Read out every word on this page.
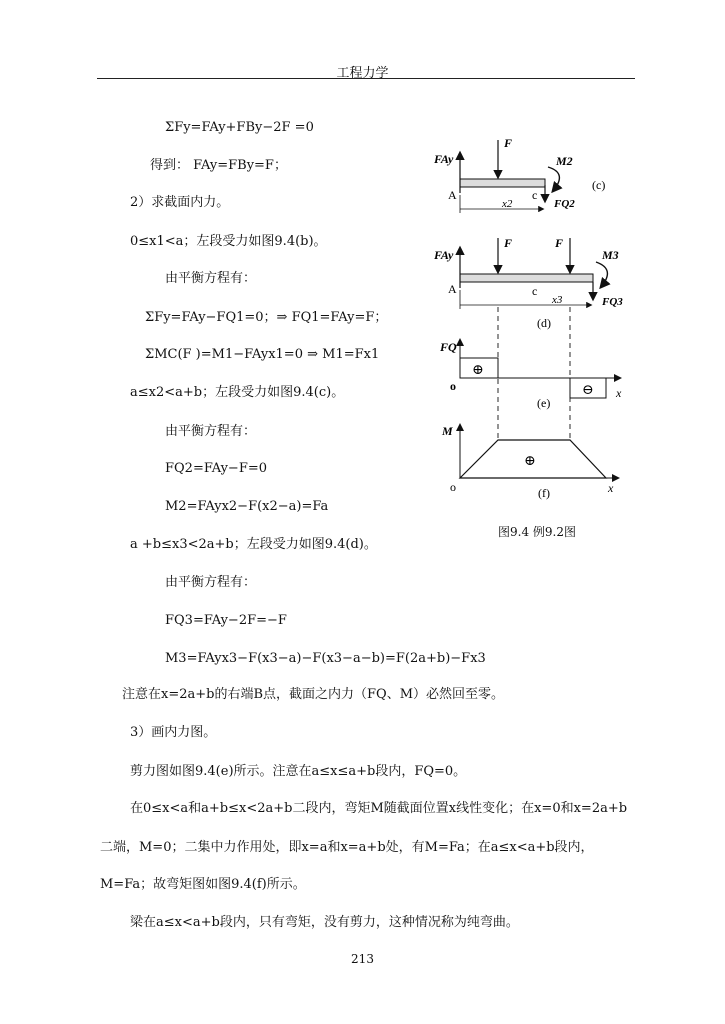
工程力学
ΣFy=FAy+FBy−2F =0
得到： FAy=FBy=F；
2）求截面内力。
0≤x1<a；左段受力如图9.4(b)。
由平衡方程有：
ΣFy=FAy−FQ1=0；⇒ FQ1=FAy=F；
ΣMC(F )=M1−FAyx1=0 ⇒ M1=Fx1
a≤x2<a+b；左段受力如图9.4(c)。
由平衡方程有：
FQ2=FAy−F=0
M2=FAyx2−F(x2−a)=Fa
a +b≤x3<2a+b；左段受力如图9.4(d)。
由平衡方程有：
FQ3=FAy−2F=−F
M3=FAyx3−F(x3−a)−F(x3−a−b)=F(2a+b)−Fx3
注意在x=2a+b的右端B点，截面之内力（FQ、M）必然回至零。
3）画内力图。
剪力图如图9.4(e)所示。注意在a≤x≤a+b段内，FQ=0。
在0≤x<a和a+b≤x<2a+b二段内，弯矩M随截面位置x线性变化；在x=0和x=2a+b
二端，M=0；二集中力作用处，即x=a和x=a+b处，有M=Fa；在a≤x<a+b段内，
M=Fa；故弯矩图如图9.4(f)所示。
梁在a≤x<a+b段内，只有弯矩，没有剪力，这种情况称为纯弯曲。
F
FAy	M2
A	c
FQ2
x2
(c)
F	F
FAy	M3
A	c
FQ3
x3
(d)
FQ
o	x
⊕
⊖
(e)
M
o	x
⊕
(f)
图9.4 例9.2图
213
